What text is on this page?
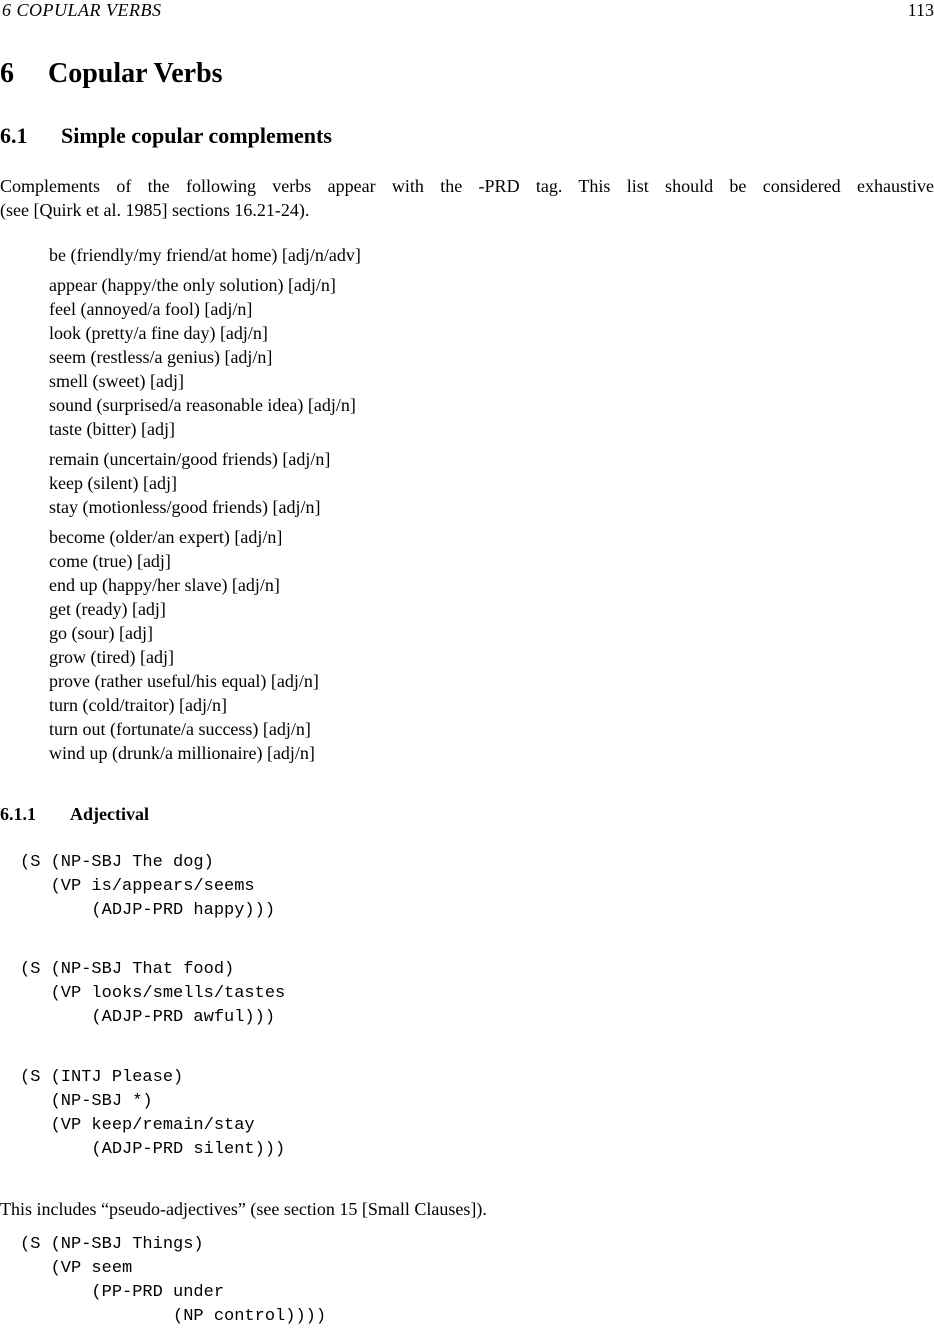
6 COPULAR VERBS	113
6 Copular Verbs
6.1 Simple copular complements
Complements of the following verbs appear with the -PRD tag. This list should be considered exhaustive
(see [Quirk et al. 1985] sections 16.21-24).
be (friendly/my friend/at home) [adj/n/adv]
appear (happy/the only solution) [adj/n]
feel (annoyed/a fool) [adj/n]
look (pretty/a fine day) [adj/n]
seem (restless/a genius) [adj/n]
smell (sweet) [adj]
sound (surprised/a reasonable idea) [adj/n]
taste (bitter) [adj]
remain (uncertain/good friends) [adj/n]
keep (silent) [adj]
stay (motionless/good friends) [adj/n]
become (older/an expert) [adj/n]
come (true) [adj]
end up (happy/her slave) [adj/n]
get (ready) [adj]
go (sour) [adj]
grow (tired) [adj]
prove (rather useful/his equal) [adj/n]
turn (cold/traitor) [adj/n]
turn out (fortunate/a success) [adj/n]
wind up (drunk/a millionaire) [adj/n]
6.1.1 Adjectival
(S (NP-SBJ The dog)
(VP is/appears/seems
(ADJP-PRD happy)))
(S (NP-SBJ That food)
(VP looks/smells/tastes
(ADJP-PRD awful)))
(S (INTJ Please)
(NP-SBJ *)
(VP keep/remain/stay
(ADJP-PRD silent)))
This includes “pseudo-adjectives” (see section 15 [Small Clauses]).
(S (NP-SBJ Things)
(VP seem
(PP-PRD under
(NP control))))
